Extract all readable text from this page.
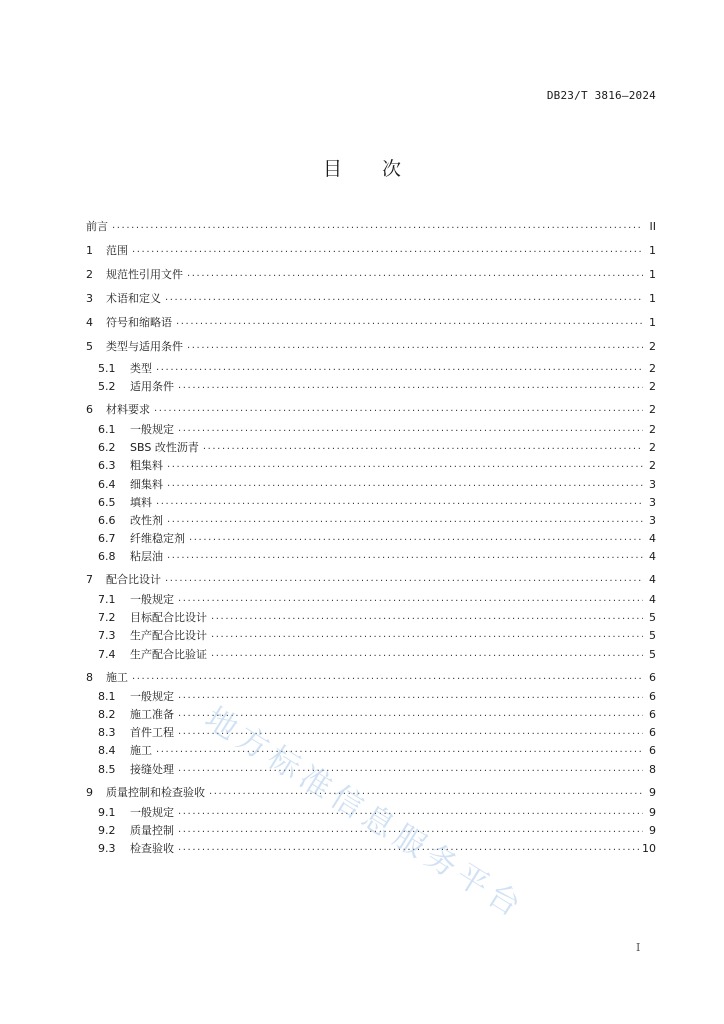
DB23/T 3816—2024
目 次
前言 .....	II
1	范围 .....	1
2	规范性引用文件 .....	1
3	术语和定义 .....	1
4	符号和缩略语 .....	1
5	类型与适用条件 .....	2
5.1	类型 .....	2
5.2	适用条件 .....	2
6	材料要求 .....	2
6.1	一般规定 .....	2
6.2	SBS 改性沥青 .....	2
6.3	粗集料 .....	2
6.4	细集料 .....	3
6.5	填料 .....	3
6.6	改性剂 .....	3
6.7	纤维稳定剂 .....	4
6.8	粘层油 .....	4
7	配合比设计 .....	4
7.1	一般规定 .....	4
7.2	目标配合比设计 .....	5
7.3	生产配合比设计 .....	5
7.4	生产配合比验证 .....	5
8	施工 .....	6
8.1	一般规定 .....	6
8.2	施工准备 .....	6
8.3	首件工程 .....	6
8.4	施工 .....	6
8.5	接缝处理 .....	8
9	质量控制和检查验收 .....	9
9.1	一般规定 .....	9
9.2	质量控制 .....	9
9.3	检查验收 .....	10
地方标准信息服务平台
I
